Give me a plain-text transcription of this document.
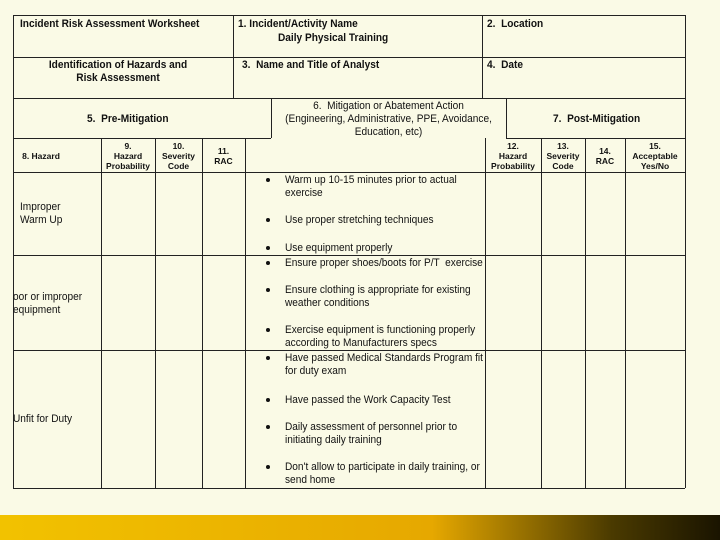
Incident Risk Assessment Worksheet	1. Incident/Activity Name
Daily Physical Training
2.  Location
Identification of Hazards and
Risk Assessment
3.  Name and Title of Analyst	4.  Date
5.  Pre-Mitigation
6.  Mitigation or Abatement Action
(Engineering, Administrative, PPE, Avoidance,
Education, etc)
7.  Post-Mitigation
8. Hazard
9.
Hazard
Probability
10.
Severity
Code
11.
RAC
12.
Hazard
Probability
13.
Severity
Code
14.
RAC
15.
Acceptable
Yes/No
Improper
Warm Up
Warm up 10-15 minutes prior to actual
exercise
Use proper stretching techniques
Use equipment properly
oor or improper
equipment
Ensure proper shoes/boots for P/T  exercise
Ensure clothing is appropriate for existing
weather conditions
Exercise equipment is functioning properly
according to Manufacturers specs
Unfit for Duty
Have passed Medical Standards Program fit
for duty exam
Have passed the Work Capacity Test
Daily assessment of personnel prior to
initiating daily training
Don't allow to participate in daily training, or
send home
